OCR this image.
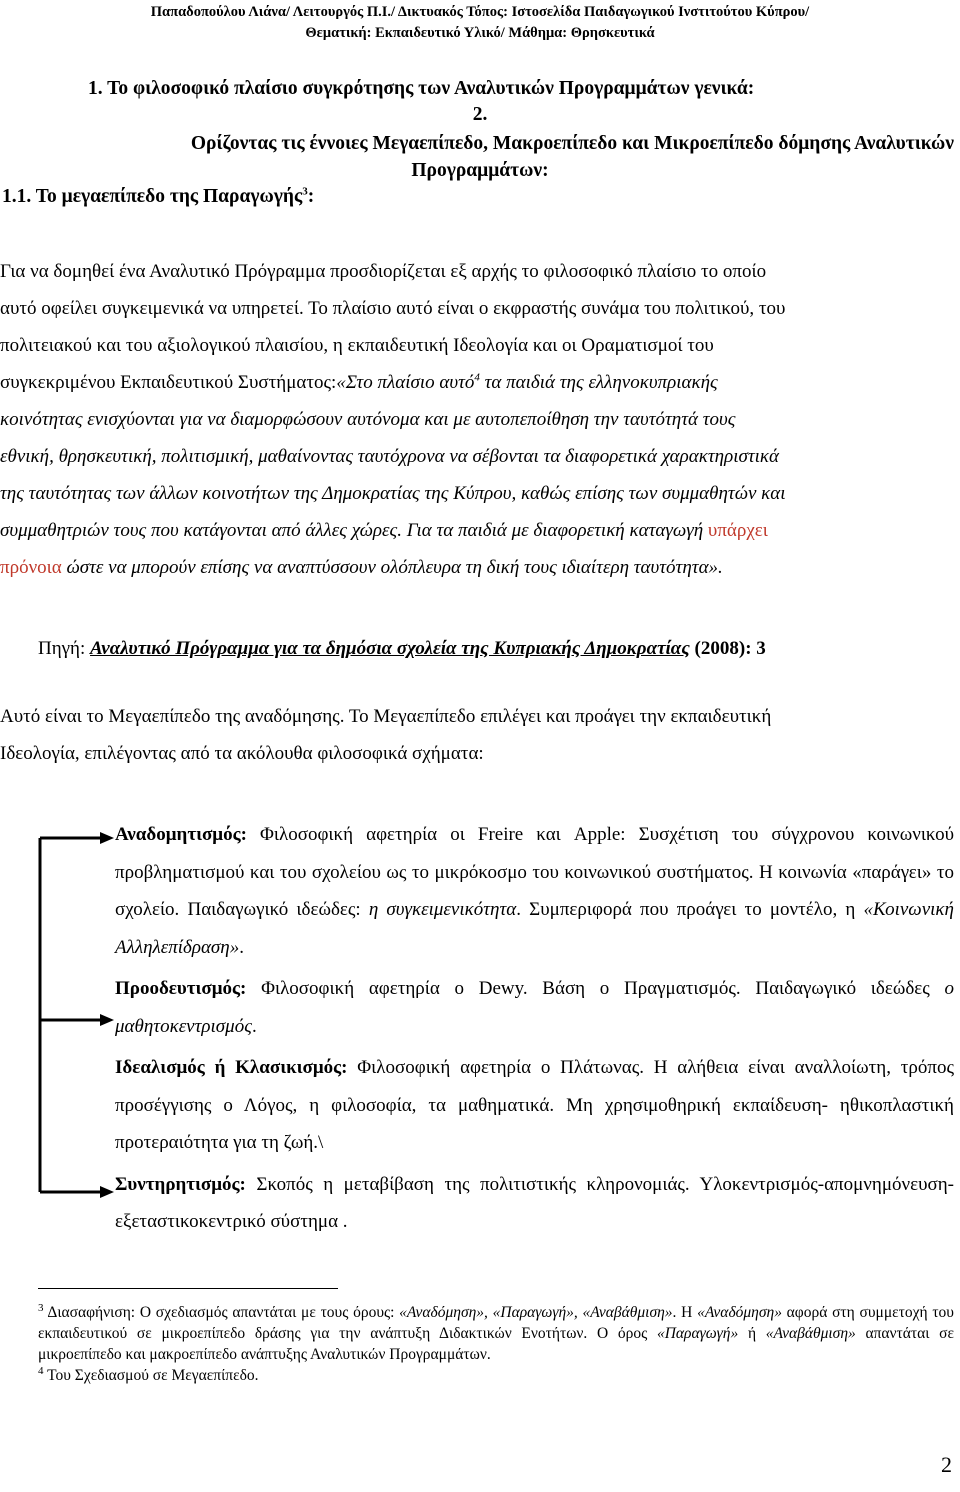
Παπαδοπούλου Λιάνα/ Λειτουργός Π.Ι./ Δικτυακός Τόπος: Ιστοσελίδα Παιδαγωγικού Ινστιτούτου Κύπρου/
Θεματική: Εκπαιδευτικό Υλικό/ Μάθημα: Θρησκευτικά
1. Το φιλοσοφικό πλαίσιο συγκρότησης των Αναλυτικών Προγραμμάτων γενικά:
2.
Ορίζοντας τις έννοιες Μεγαεπίπεδο, Μακροεπίπεδο και Μικροεπίπεδο δόμησης Αναλυτικών
Προγραμμάτων:
1.1. Το μεγαεπίπεδο της Παραγωγής$^3$:

Για να δομηθεί ένα Αναλυτικό Πρόγραμμα προσδιορίζεται εξ αρχής το φιλοσοφικό πλαίσιο το οποίο

αυτό οφείλει συγκειμενικά να υπηρετεί. Το πλαίσιο αυτό είναι ο εκφραστής συνάμα του πολιτικού, του

πολιτειακού και του αξιολογικού πλαισίου, η εκπαιδευτική Ιδεολογία και οι Οραματισμοί του

συγκεκριμένου Εκπαιδευτικού Συστήματος:«Στο πλαίσιο αυτό$^4$ τα παιδιά της ελληνοκυπριακής

κοινότητας ενισχύονται για να διαμορφώσουν αυτόνομα και με αυτοπεποίθηση την ταυτότητά τους

εθνική, θρησκευτική, πολιτισμική, μαθαίνοντας ταυτόχρονα να σέβονται τα διαφορετικά χαρακτηριστικά

της ταυτότητας των άλλων κοινοτήτων της Δημοκρατίας της Κύπρου, καθώς επίσης των συμμαθητών και

συμμαθητριών τους που κατάγονται από άλλες χώρες. Για τα παιδιά με διαφορετική καταγωγή υπάρχει

πρόνοια ώστε να μπορούν επίσης να αναπτύσσουν ολόπλευρα τη δική τους ιδιαίτερη ταυτότητα».

Πηγή: Αναλυτικό Πρόγραμμα για τα δημόσια σχολεία της Κυπριακής Δημοκρατίας (2008): 3

Αυτό είναι το Μεγαεπίπεδο της αναδόμησης. Το Μεγαεπίπεδο επιλέγει και προάγει την εκπαιδευτική

Ιδεολογία, επιλέγοντας από τα ακόλουθα φιλοσοφικά σχήματα:

Αναδομητισμός: Φιλοσοφική αφετηρία οι Freire και Apple: Συσχέτιση του σύγχρονου κοινωνικού προβληματισμού και του σχολείου ως το μικρόκοσμο του κοινωνικού συστήματος. Η κοινωνία «παράγει» το σχολείο. Παιδαγωγικό ιδεώδες: η συγκειμενικότητα. Συμπεριφορά που προάγει το μοντέλο, η «Κοινωνική Αλληλεπίδραση».

Προοδευτισμός: Φιλοσοφική αφετηρία ο Dewy. Βάση ο Πραγματισμός. Παιδαγωγικό ιδεώδες ο μαθητοκεντρισμός.

Ιδεαλισμός ή Κλασικισμός: Φιλοσοφική αφετηρία ο Πλάτωνας. Η αλήθεια είναι αναλλοίωτη, τρόπος προσέγγισης ο Λόγος, η φιλοσοφία, τα μαθηματικά. Μη χρησιμοθηρική εκπαίδευση- ηθικοπλαστική προτεραιότητα για τη ζωή.\

Συντηρητισμός: Σκοπός η μεταβίβαση της πολιτιστικής κληρονομιάς. Υλοκεντρισμός-απομνημόνευση- εξεταστικοκεντρικό σύστημα .

$^3$ Διασαφήνιση: Ο σχεδιασμός απαντάται με τους όρους: «Αναδόμηση», «Παραγωγή», «Αναβάθμιση». Η «Αναδόμηση» αφορά στη συμμετοχή του εκπαιδευτικού σε μικροεπίπεδο δράσης για την ανάπτυξη Διδακτικών Ενοτήτων. Ο όρος «Παραγωγή» ή «Αναβάθμιση» απαντάται σε μικροεπίπεδο και μακροεπίπεδο ανάπτυξης Αναλυτικών Προγραμμάτων.

$^4$ Του Σχεδιασμού σε Μεγαεπίπεδο.

2
